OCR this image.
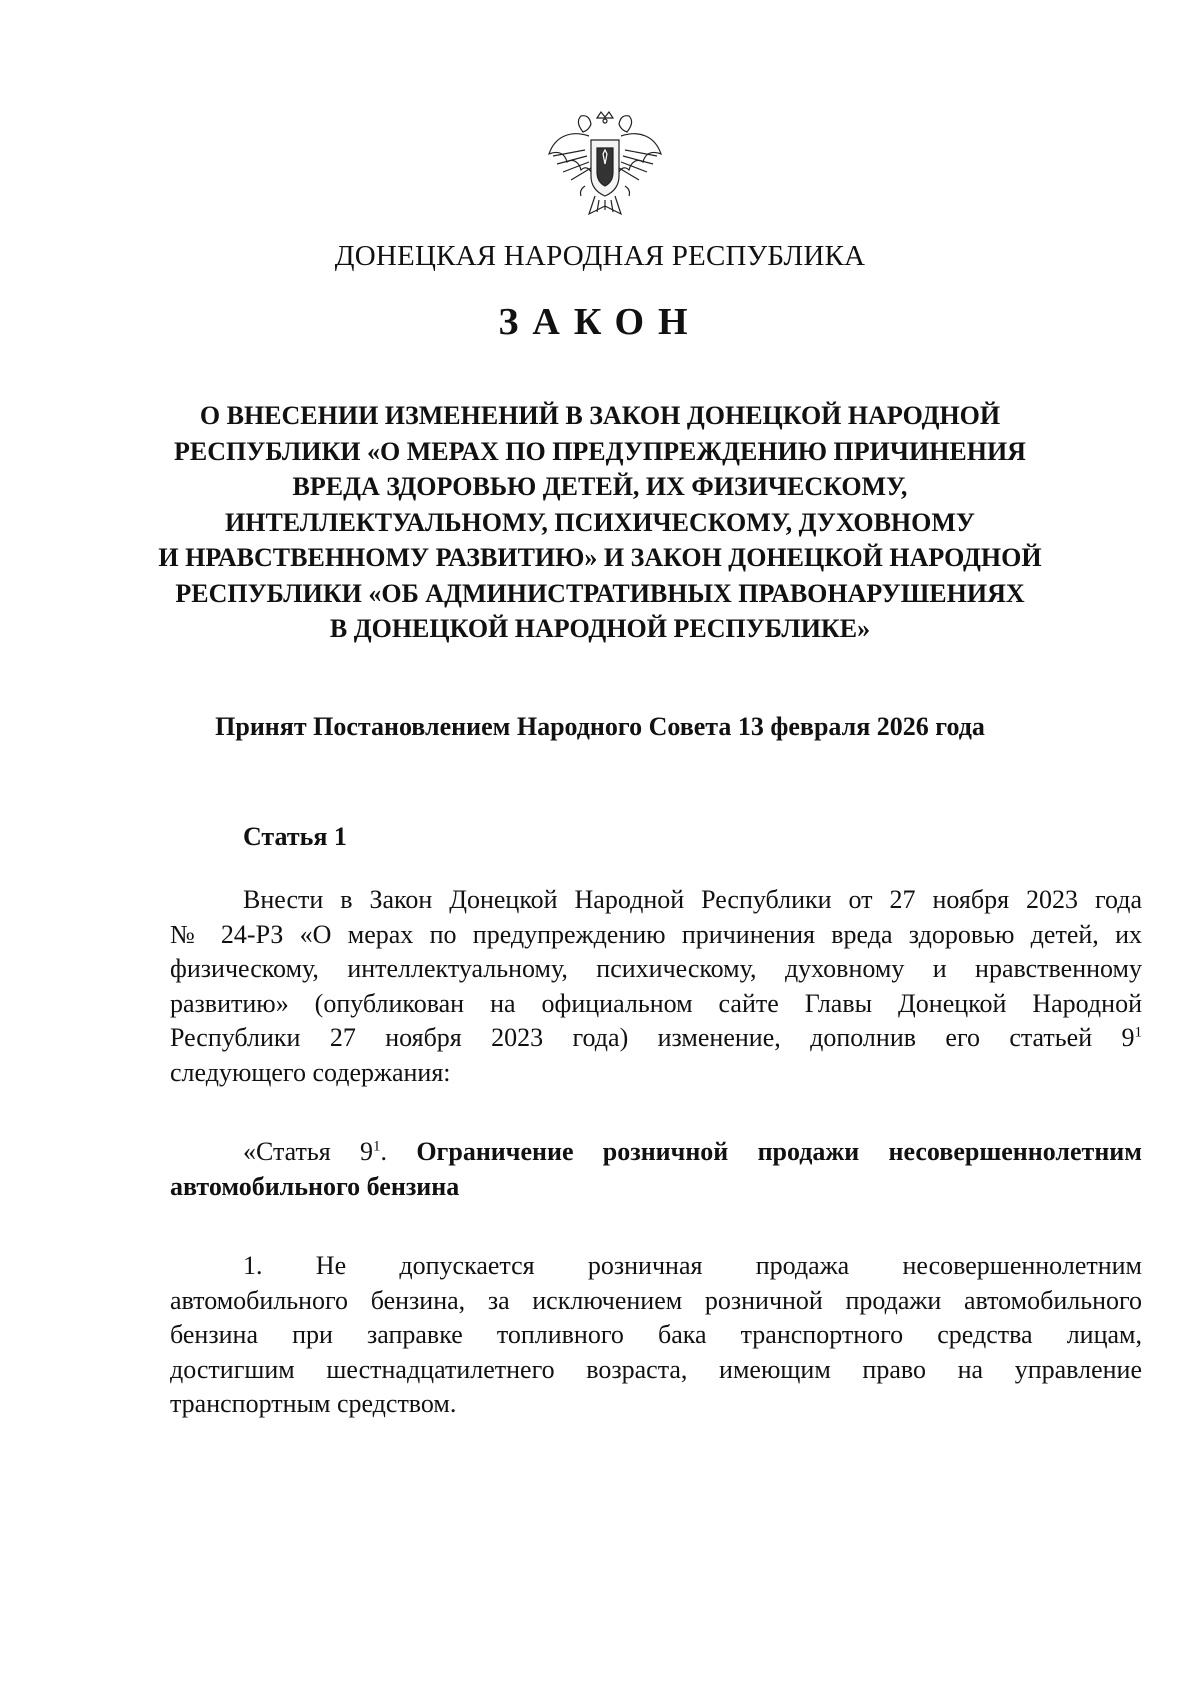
ДОНЕЦКАЯ НАРОДНАЯ РЕСПУБЛИКА
ЗАКОН
О ВНЕСЕНИИ ИЗМЕНЕНИЙ В ЗАКОН ДОНЕЦКОЙ НАРОДНОЙ
РЕСПУБЛИКИ «О МЕРАХ ПО ПРЕДУПРЕЖДЕНИЮ ПРИЧИНЕНИЯ
ВРЕДА ЗДОРОВЬЮ ДЕТЕЙ, ИХ ФИЗИЧЕСКОМУ,
ИНТЕЛЛЕКТУАЛЬНОМУ, ПСИХИЧЕСКОМУ, ДУХОВНОМУ
И НРАВСТВЕННОМУ РАЗВИТИЮ» И ЗАКОН ДОНЕЦКОЙ НАРОДНОЙ
РЕСПУБЛИКИ «ОБ АДМИНИСТРАТИВНЫХ ПРАВОНАРУШЕНИЯХ
В ДОНЕЦКОЙ НАРОДНОЙ РЕСПУБЛИКЕ»
Принят Постановлением Народного Совета 13 февраля 2026 года
Статья 1
Внести в Закон Донецкой Народной Республики от 27 ноября 2023 года
№ 24-РЗ «О мерах по предупреждению причинения вреда здоровью детей, их
физическому, интеллектуальному, психическому, духовному и нравственному
развитию» (опубликован на официальном сайте Главы Донецкой Народной
Республики 27 ноября 2023 года) изменение, дополнив его статьей $9^1$
следующего содержания:
«Статья $9^1$. Ограничение розничной продажи несовершеннолетним
автомобильного бензина
1. Не допускается розничная продажа несовершеннолетним
автомобильного бензина, за исключением розничной продажи автомобильного
бензина при заправке топливного бака транспортного средства лицам,
достигшим шестнадцатилетнего возраста, имеющим право на управление
транспортным средством.
